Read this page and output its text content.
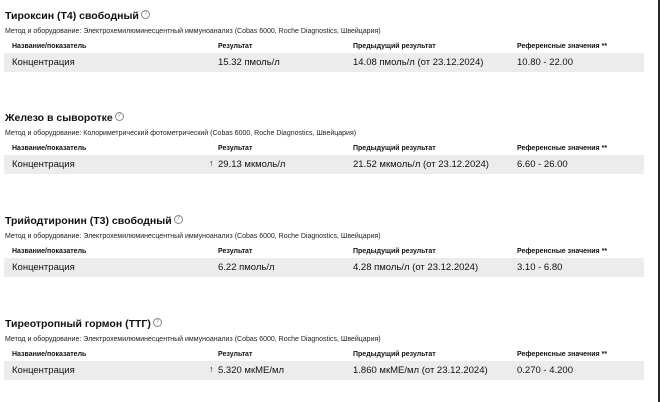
Тироксин (Т4) свободный ?
Метод и оборудование: Электрохемилюминесцентный иммуноанализ (Cobas 6000, Roche Diagnostics, Швейцария)
Название/показатель	Результат	Предыдущий результат	Референсные значения **
Концентрация	15.32 пмоль/л	14.08 пмоль/л (от 23.12.2024)	10.80 - 22.00
Железо в сыворотке ?
Метод и оборудование: Колориметрический фотометрический (Cobas 6000, Roche Diagnostics, Швейцария)
Название/показатель	Результат	Предыдущий результат	Референсные значения **
Концентрация	↑ 29.13 мкмоль/л	21.52 мкмоль/л (от 23.12.2024)	6.60 - 26.00
Трийодтиронин (Т3) свободный ?
Метод и оборудование: Электрохемилюминесцентный иммуноанализ (Cobas 6000, Roche Diagnostics, Швейцария)
Название/показатель	Результат	Предыдущий результат	Референсные значения **
Концентрация	6.22 пмоль/л	4.28 пмоль/л (от 23.12.2024)	3.10 - 6.80
Тиреотропный гормон (ТТГ) ?
Метод и оборудование: Электрохемилюминесцентный иммуноанализ (Cobas 6000, Roche Diagnostics, Швейцария)
Название/показатель	Результат	Предыдущий результат	Референсные значения **
Концентрация	↑ 5.320 мкМЕ/мл	1.860 мкМЕ/мл (от 23.12.2024)	0.270 - 4.200
